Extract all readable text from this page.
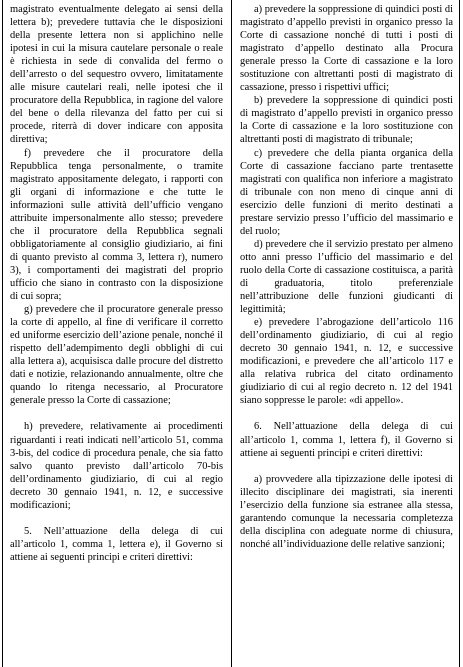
magistrato eventualmente delegato ai sensi della lettera b); prevedere tuttavia che le disposizioni della presente lettera non si applichino nelle ipotesi in cui la misura cautelare personale o reale è richiesta in sede di convalida del fermo o dell’arresto o del sequestro ovvero, limitatamente alle misure cautelari reali, nelle ipotesi che il procuratore della Repubblica, in ragione del valore del bene o della rilevanza del fatto per cui si procede, riterrà di dover indicare con apposita direttiva;

f) prevedere che il procuratore della Repubblica tenga personalmente, o tramite magistrato appositamente delegato, i rapporti con gli organi di informazione e che tutte le informazioni sulle attività dell’ufficio vengano attribuite impersonalmente allo stesso; prevedere che il procuratore della Repubblica segnali obbligatoriamente al consiglio giudiziario, ai fini di quanto previsto al comma 3, lettera r), numero 3), i comportamenti dei magistrati del proprio ufficio che siano in contrasto con la disposizione di cui sopra;

g) prevedere che il procuratore generale presso la corte di appello, al fine di verificare il corretto ed uniforme esercizio dell’azione penale, nonché il rispetto dell’adempimento degli obblighi di cui alla lettera a), acquisisca dalle procure del distretto dati e notizie, relazionando annualmente, oltre che quando lo ritenga necessario, al Procuratore generale presso la Corte di cassazione;

h) prevedere, relativamente ai procedimenti riguardanti i reati indicati nell’articolo 51, comma 3-bis, del codice di procedura penale, che sia fatto salvo quanto previsto dall’articolo 70-bis dell’ordinamento giudiziario, di cui al regio decreto 30 gennaio 1941, n. 12, e successive modificazioni;

5. Nell’attuazione della delega di cui all’articolo 1, comma 1, lettera e), il Governo si attiene ai seguenti principi e criteri direttivi:

a) prevedere la soppressione di quindici posti di magistrato d’appello previsti in organico presso la Corte di cassazione nonché di tutti i posti di magistrato d’appello destinato alla Procura generale presso la Corte di cassazione e la loro sostituzione con altrettanti posti di magistrato di cassazione, presso i rispettivi uffici;

b) prevedere la soppressione di quindici posti di magistrato d’appello previsti in organico presso la Corte di cassazione e la loro sostituzione con altrettanti posti di magistrato di tribunale;

c) prevedere che della pianta organica della Corte di cassazione facciano parte trentasette magistrati con qualifica non inferiore a magistrato di tribunale con non meno di cinque anni di esercizio delle funzioni di merito destinati a prestare servizio presso l’ufficio del massimario e del ruolo;

d) prevedere che il servizio prestato per almeno otto anni presso l’ufficio del massimario e del ruolo della Corte di cassazione costituisca, a parità di graduatoria, titolo preferenziale nell’attribuzione delle funzioni giudicanti di legittimità;

e) prevedere l’abrogazione dell’articolo 116 dell’ordinamento giudiziario, di cui al regio decreto 30 gennaio 1941, n. 12, e successive modificazioni, e prevedere che all’articolo 117 e alla relativa rubrica del citato ordinamento giudiziario di cui al regio decreto n. 12 del 1941 siano soppresse le parole: «di appello».

6. Nell’attuazione della delega di cui all’articolo 1, comma 1, lettera f), il Governo si attiene ai seguenti principi e criteri direttivi:

a) provvedere alla tipizzazione delle ipotesi di illecito disciplinare dei magistrati, sia inerenti l’esercizio della funzione sia estranee alla stessa, garantendo comunque la necessaria completezza della disciplina con adeguate norme di chiusura, nonché all’individuazione delle relative sanzioni;
